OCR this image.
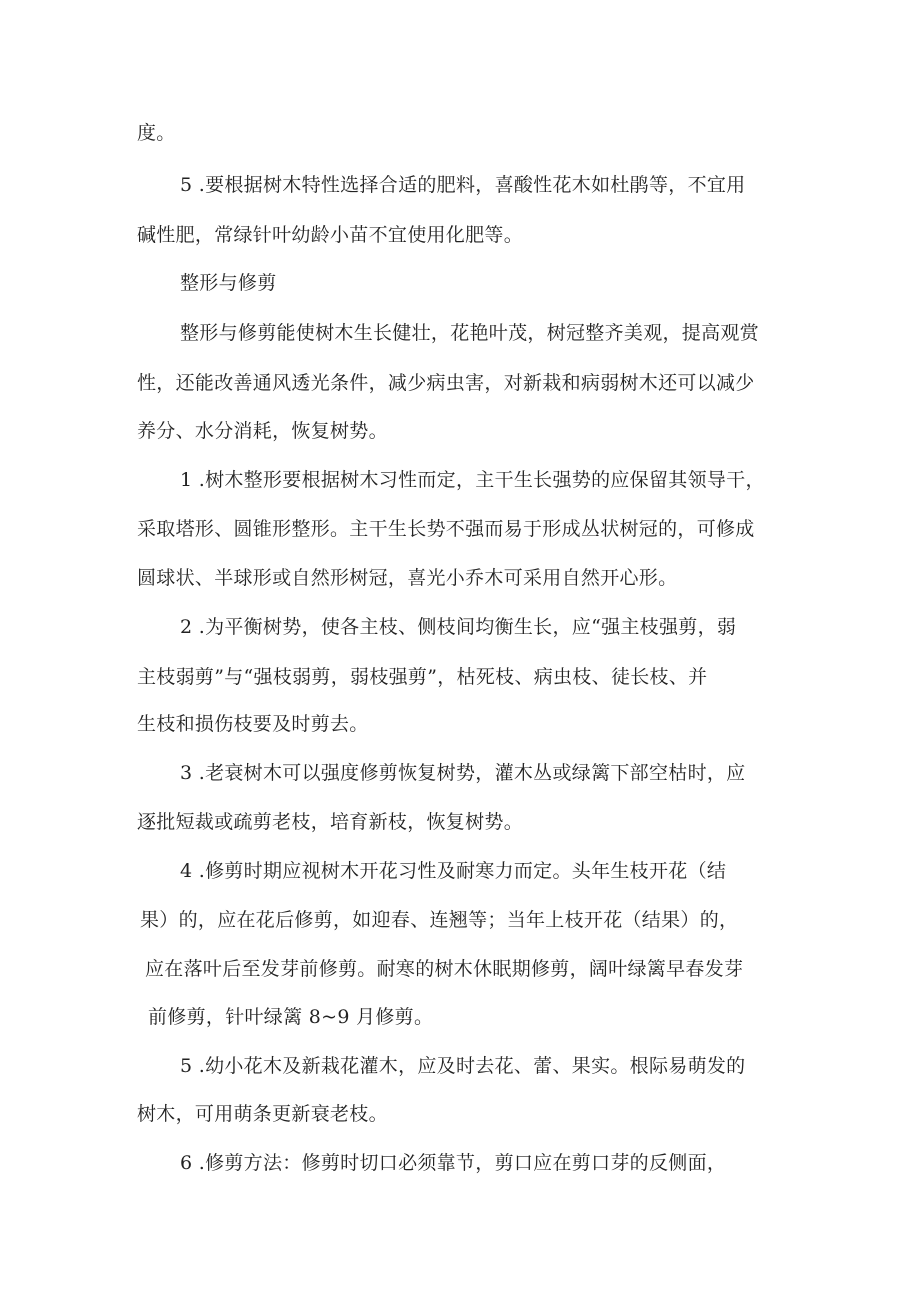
度。
5 .要根据树木特性选择合适的肥料，喜酸性花木如杜鹃等，不宜用
碱性肥，常绿针叶幼龄小苗不宜使用化肥等。
整形与修剪
整形与修剪能使树木生长健壮，花艳叶茂，树冠整齐美观，提高观赏
性，还能改善通风透光条件，减少病虫害，对新栽和病弱树木还可以减少
养分、水分消耗，恢复树势。
1 .树木整形要根据树木习性而定，主干生长强势的应保留其领导干，
采取塔形、圆锥形整形。主干生长势不强而易于形成丛状树冠的，可修成
圆球状、半球形或自然形树冠，喜光小乔木可采用自然开心形。
2 .为平衡树势，使各主枝、侧枝间均衡生长，应“强主枝强剪，弱
主枝弱剪”与“强枝弱剪，弱枝强剪”，枯死枝、病虫枝、徒长枝、并
生枝和损伤枝要及时剪去。
3 .老衰树木可以强度修剪恢复树势，灌木丛或绿篱下部空枯时，应
逐批短裁或疏剪老枝，培育新枝，恢复树势。
4 .修剪时期应视树木开花习性及耐寒力而定。头年生枝开花（结
果）的，应在花后修剪，如迎春、连翘等；当年上枝开花（结果）的，
应在落叶后至发芽前修剪。耐寒的树木休眠期修剪，阔叶绿篱早春发芽
前修剪，针叶绿篱 8~9 月修剪。
5 .幼小花木及新栽花灌木，应及时去花、蕾、果实。根际易萌发的
树木，可用萌条更新衰老枝。
6 .修剪方法：修剪时切口必须靠节，剪口应在剪口芽的反侧面，
